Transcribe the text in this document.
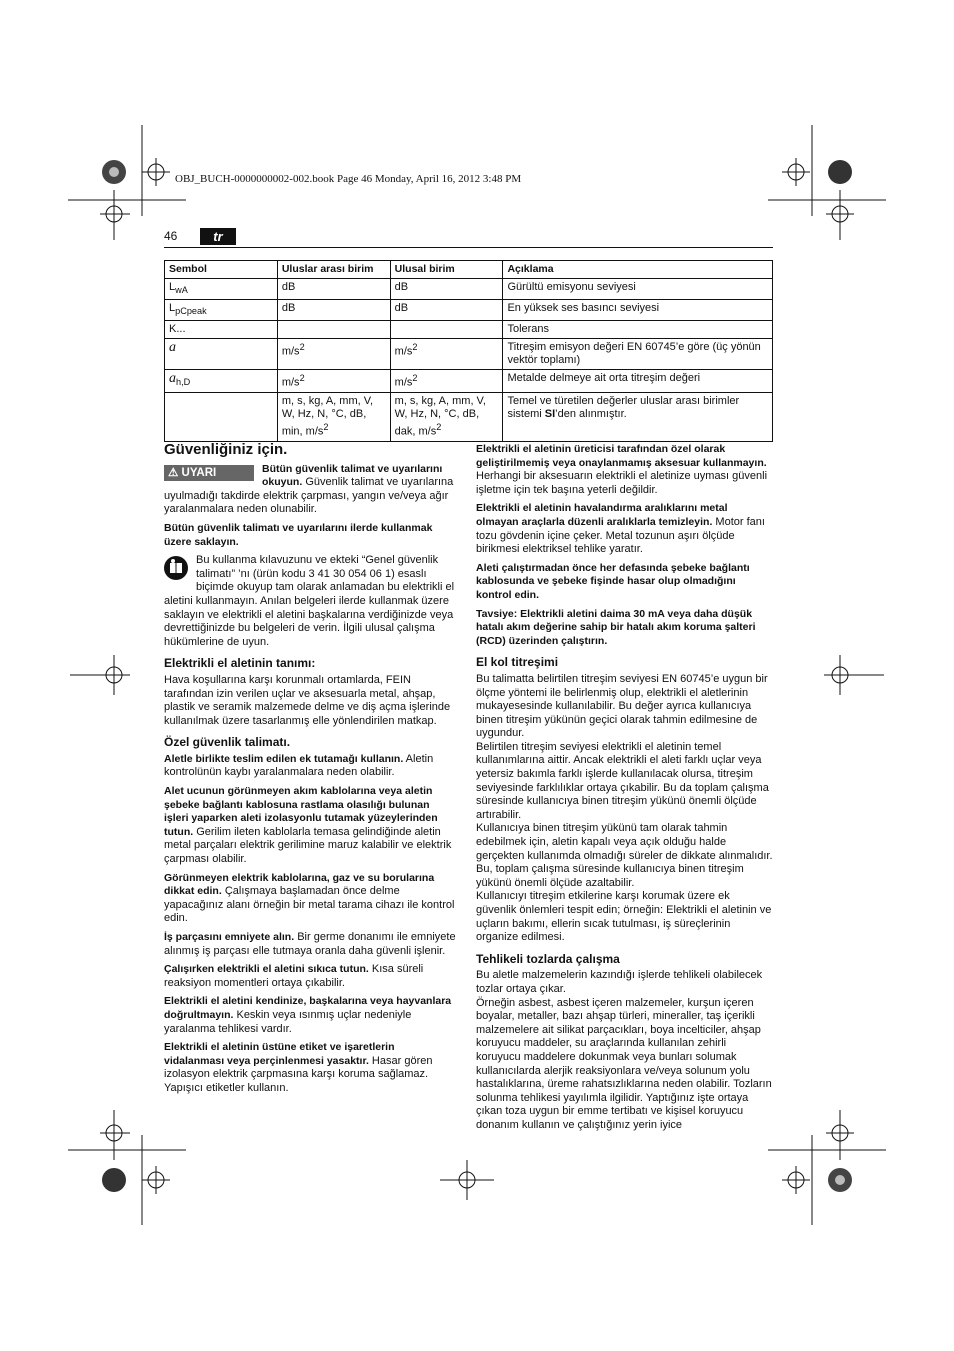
OBJ_BUCH-0000000002-002.book Page 46 Monday, April 16, 2012 3:48 PM
46	tr
Sembol	Uluslar arası birim	Ulusal birim	Açıklama
$L_{wA}$	dB	dB	Gürültü emisyonu seviyesi
$L_{pCpeak}$	dB	dB	En yüksek ses basıncı seviyesi
K...			Tolerans
a	$m/s^2$	$m/s^2$	Titreşim emisyon değeri EN 60745’e göre (üç yönün vektör toplamı)
$a_{h,D}$	$m/s^2$	$m/s^2$	Metalde delmeye ait orta titreşim değeri
	m, s, kg, A, mm, V, W, Hz, N, °C, dB, min, $m/s^2$	m, s, kg, A, mm, V, W, Hz, N, °C, dB, dak, $m/s^2$	Temel ve türetilen değerler uluslar arası birimler sistemi SI’den alınmıştır.
Güvenliğiniz için.

⚠ UYARI	Bütün güvenlik talimat ve uyarılarını okuyun. Güvenlik talimat ve uyarılarına uyulmadığı takdirde elektrik çarpması, yangın ve/veya ağır yaralanmalara neden olunabilir.

Bütün güvenlik talimatı ve uyarılarını ilerde kullanmak üzere saklayın.

Bu kullanma kılavuzunu ve ekteki “Genel güvenlik talimatı” ’nı (ürün kodu 3 41 30 054 06 1) esaslı biçimde okuyup tam olarak anlamadan bu elektrikli el aletini kullanmayın. Anılan belgeleri ilerde kullanmak üzere saklayın ve elektrikli el aletini başkalarına verdiğinizde veya devrettiğinizde bu belgeleri de verin. İlgili ulusal çalışma hükümlerine de uyun.

Elektrikli el aletinin tanımı:

Hava koşullarına karşı korunmalı ortamlarda, FEIN tarafından izin verilen uçlar ve aksesuarla metal, ahşap, plastik ve seramik malzemede delme ve diş açma işlerinde kullanılmak üzere tasarlanmış elle yönlendirilen matkap.

Özel güvenlik talimatı.

Aletle birlikte teslim edilen ek tutamağı kullanın. Aletin kontrolünün kaybı yaralanmalara neden olabilir.

Alet ucunun görünmeyen akım kablolarına veya aletin şebeke bağlantı kablosuna rastlama olasılığı bulunan işleri yaparken aleti izolasyonlu tutamak yüzeylerinden tutun. Gerilim ileten kablolarla temasa gelindiğinde aletin metal parçaları elektrik gerilimine maruz kalabilir ve elektrik çarpması olabilir.

Görünmeyen elektrik kablolarına, gaz ve su borularına dikkat edin. Çalışmaya başlamadan önce delme yapacağınız alanı örneğin bir metal tarama cihazı ile kontrol edin.

İş parçasını emniyete alın. Bir germe donanımı ile emniyete alınmış iş parçası elle tutmaya oranla daha güvenli işlenir.

Çalışırken elektrikli el aletini sıkıca tutun. Kısa süreli reaksiyon momentleri ortaya çıkabilir.

Elektrikli el aletini kendinize, başkalarına veya hayvanlara doğrultmayın. Keskin veya ısınmış uçlar nedeniyle yaralanma tehlikesi vardır.

Elektrikli el aletinin üstüne etiket ve işaretlerin vidalanması veya perçinlenmesi yasaktır. Hasar gören izolasyon elektrik çarpmasına karşı koruma sağlamaz. Yapışıcı etiketler kullanın.

Elektrikli el aletinin üreticisi tarafından özel olarak geliştirilmemiş veya onaylanmamış aksesuar kullanmayın. Herhangi bir aksesuarın elektrikli el aletinize uyması güvenli işletme için tek başına yeterli değildir.

Elektrikli el aletinin havalandırma aralıklarını metal olmayan araçlarla düzenli aralıklarla temizleyin. Motor fanı tozu gövdenin içine çeker. Metal tozunun aşırı ölçüde birikmesi elektriksel tehlike yaratır.

Aleti çalıştırmadan önce her defasında şebeke bağlantı kablosunda ve şebeke fişinde hasar olup olmadığını kontrol edin.

Tavsiye: Elektrikli aletini daima 30 mA veya daha düşük hatalı akım değerine sahip bir hatalı akım koruma şalteri (RCD) üzerinden çalıştırın.

El kol titreşimi
Bu talimatta belirtilen titreşim seviyesi EN 60745’e uygun bir ölçme yöntemi ile belirlenmiş olup, elektrikli el aletlerinin mukayesesinde kullanılabilir. Bu değer ayrıca kullanıcıya binen titreşim yükünün geçici olarak tahmin edilmesine de uygundur.
Belirtilen titreşim seviyesi elektrikli el aletinin temel kullanımlarına aittir. Ancak elektrikli el aleti farklı uçlar veya yetersiz bakımla farklı işlerde kullanılacak olursa, titreşim seviyesinde farklılıklar ortaya çıkabilir. Bu da toplam çalışma süresinde kullanıcıya binen titreşim yükünü önemli ölçüde artırabilir.
Kullanıcıya binen titreşim yükünü tam olarak tahmin edebilmek için, aletin kapalı veya açık olduğu halde gerçekten kullanımda olmadığı süreler de dikkate alınmalıdır. Bu, toplam çalışma süresinde kullanıcıya binen titreşim yükünü önemli ölçüde azaltabilir.
Kullanıcıyı titreşim etkilerine karşı korumak üzere ek güvenlik önlemleri tespit edin; örneğin: Elektrikli el aletinin ve uçların bakımı, ellerin sıcak tutulması, iş süreçlerinin organize edilmesi.
Tehlikeli tozlarda çalışma
Bu aletle malzemelerin kazındığı işlerde tehlikeli olabilecek tozlar ortaya çıkar.
Örneğin asbest, asbest içeren malzemeler, kurşun içeren boyalar, metaller, bazı ahşap türleri, mineraller, taş içerikli malzemelere ait silikat parçacıkları, boya incelticiler, ahşap koruyucu maddeler, su araçlarında kullanılan zehirli koruyucu maddelere dokunmak veya bunları solumak kullanıcılarda alerjik reaksiyonlara ve/veya solunum yolu hastalıklarına, üreme rahatsızlıklarına neden olabilir. Tozların solunma tehlikesi yayılımla ilgilidir. Yaptığınız işte ortaya çıkan toza uygun bir emme tertibatı ve kişisel koruyucu donanım kullanın ve çalıştığınız yerin iyice
